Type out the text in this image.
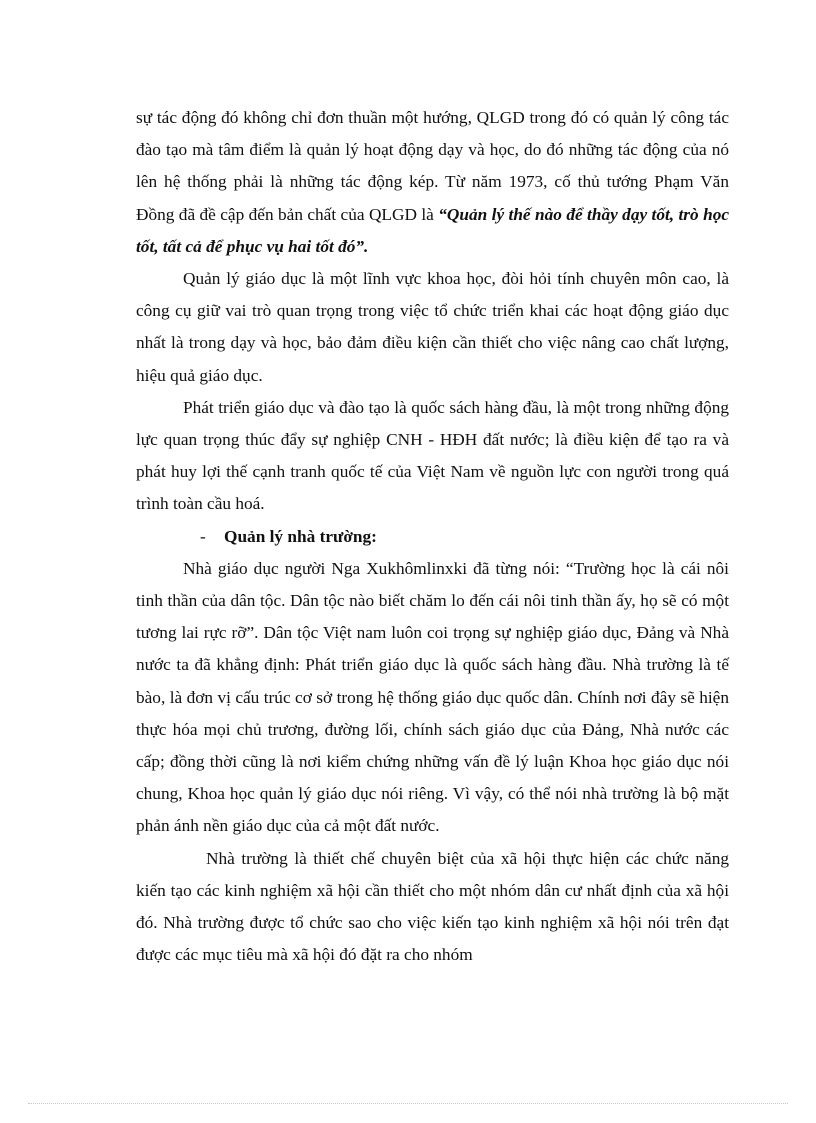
sự tác động đó không chỉ đơn thuần một hướng, QLGD trong đó có quản lý công tác đào tạo mà tâm điểm là quản lý hoạt động dạy và học, do đó những tác động của nó lên hệ thống phải là những tác động kép. Từ năm 1973, cố thủ tướng Phạm Văn Đồng đã đề cập đến bản chất của QLGD là “Quản lý thế nào để thầy dạy tốt, trò học tốt, tất cả để phục vụ hai tốt đó”.

Quản lý giáo dục là một lĩnh vực khoa học, đòi hỏi tính chuyên môn cao, là công cụ giữ vai trò quan trọng trong việc tổ chức triển khai các hoạt động giáo dục nhất là trong dạy và học, bảo đảm điều kiện cần thiết cho việc nâng cao chất lượng, hiệu quả giáo dục.

Phát triển giáo dục và đào tạo là quốc sách hàng đầu, là một trong những động lực quan trọng thúc đẩy sự nghiệp CNH - HĐH đất nước; là điều kiện để tạo ra và phát huy lợi thế cạnh tranh quốc tế của Việt Nam về nguồn lực con người trong quá trình toàn cầu hoá.

- Quản lý nhà trường:

Nhà giáo dục người Nga Xukhômlinxki đã từng nói: “Trường học là cái nôi tinh thần của dân tộc. Dân tộc nào biết chăm lo đến cái nôi tinh thần ấy, họ sẽ có một tương lai rực rỡ”. Dân tộc Việt nam luôn coi trọng sự nghiệp giáo dục, Đảng và Nhà nước ta đã khẳng định: Phát triển giáo dục là quốc sách hàng đầu. Nhà trường là tế bào, là đơn vị cấu trúc cơ sở trong hệ thống giáo dục quốc dân. Chính nơi đây sẽ hiện thực hóa mọi chủ trương, đường lối, chính sách giáo dục của Đảng, Nhà nước các cấp; đồng thời cũng là nơi kiểm chứng những vấn đề lý luận Khoa học giáo dục nói chung, Khoa học quản lý giáo dục nói riêng. Vì vậy, có thể nói nhà trường là bộ mặt phản ánh nền giáo dục của cả một đất nước.

Nhà trường là thiết chế chuyên biệt của xã hội thực hiện các chức năng kiến tạo các kinh nghiệm xã hội cần thiết cho một nhóm dân cư nhất định của xã hội đó. Nhà trường được tổ chức sao cho việc kiến tạo kinh nghiệm xã hội nói trên đạt được các mục tiêu mà xã hội đó đặt ra cho nhóm
